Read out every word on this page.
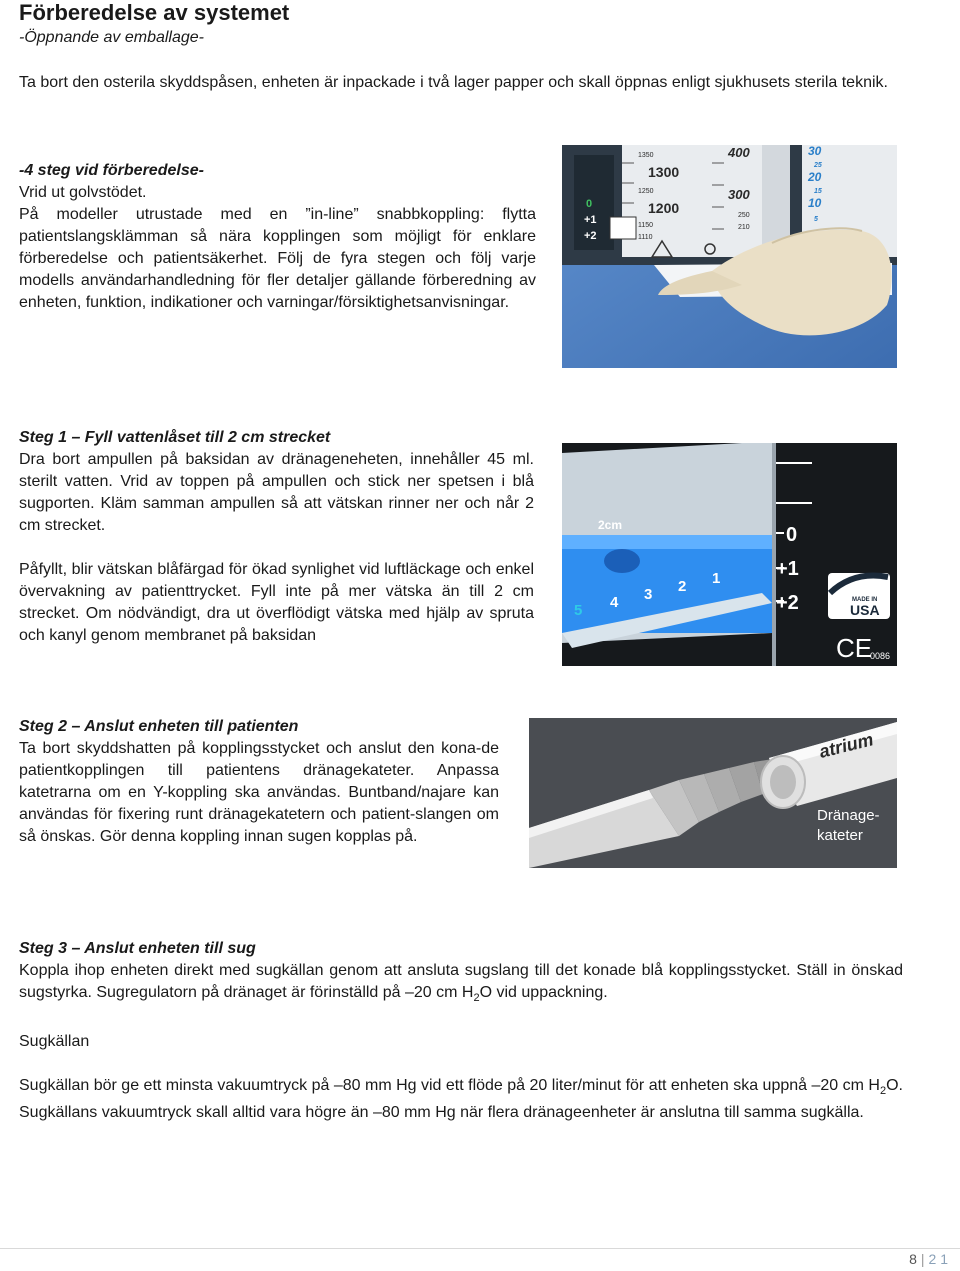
Förberedelse av systemet
-Öppnande av emballage-

Ta bort den osterila skyddspåsen, enheten är inpackade i två lager papper och skall öppnas enligt sjukhusets sterila teknik.

-4 steg vid förberedelse-

Vrid ut golvstödet.

På modeller utrustade med en ”in-line” snabbkoppling: flytta patientslangsklämman så nära kopplingen som möjligt för enklare förberedelse och patientsäkerhet. Följ de fyra stegen och följ varje modells användarhandledning för fler detaljer gällande förberedning av enheten, funktion, indikationer och varningar/försiktighetsanvisningar.

0
+1
+2
1350
1300
1250
1200
1150
1110
400
300
250
210
30
25
20
15
10
5

Steg 1 – Fyll vattenlåset till 2 cm strecket

Dra bort ampullen på baksidan av dränageneheten, innehåller 45 ml. sterilt vatten. Vrid av toppen på ampullen och stick ner spetsen i blå sugporten. Kläm samman ampullen så att vätskan rinner ner och når 2 cm strecket.

Påfyllt, blir vätskan blåfärgad för ökad synlighet vid luftläckage och enkel övervakning av patienttrycket. Fyll inte på mer vätska än till 2 cm strecket. Om nödvändigt, dra ut överflödigt vätska med hjälp av spruta och kanyl genom membranet på baksidan

2cm	0
+1
+2
5 4 3 2 1
MADE IN
USA
CE
0086

Steg 2 – Anslut enheten till patienten

Ta bort skyddshatten på kopplingsstycket och anslut den kona-de patientkopplingen till patientens dränagekateter. Anpassa katetrarna om en Y-koppling ska användas. Buntband/najare kan användas för fixering runt dränagekatetern och patient-slangen om så önskas. Gör denna koppling innan sugen kopplas på.

atrium
Dränage-
kateter

Steg 3 – Anslut enheten till sug

Koppla ihop enheten direkt med sugkällan genom att ansluta sugslang till det konade blå kopplingsstycket. Ställ in önskad sugstyrka. Sugregulatorn på dränaget är förinställd på –20 cm $H_2O$ vid uppackning.

Sugkällan

Sugkällan bör ge ett minsta vakuumtryck på –80 mm Hg vid ett flöde på 20 liter/minut för att enheten ska uppnå –20 cm $H_2O$. Sugkällans vakuumtryck skall alltid vara högre än –80 mm Hg när flera dränageenheter är anslutna till samma sugkälla.

8 | 2 1
